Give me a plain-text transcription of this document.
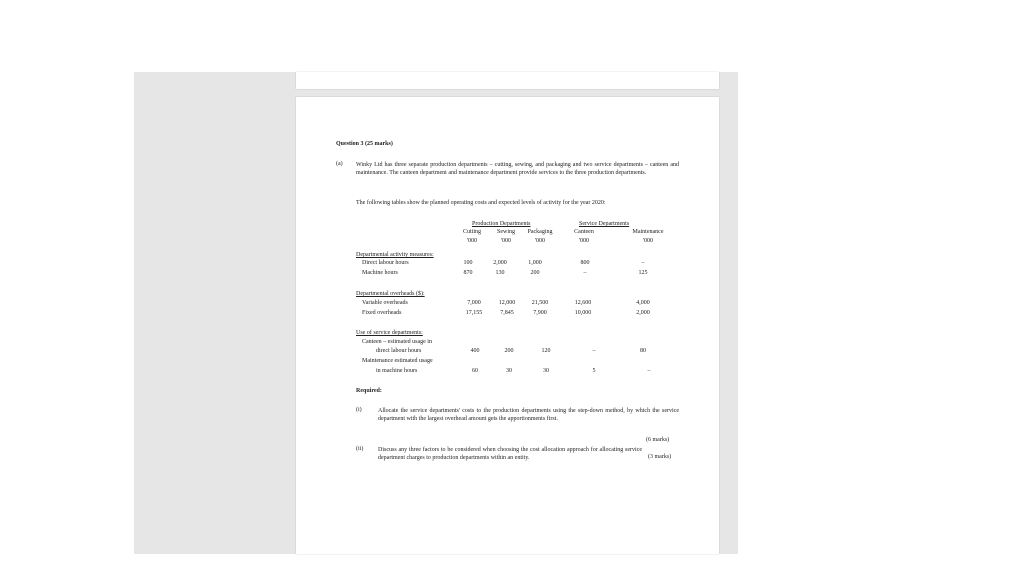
Question 3 (25 marks)
(a) Winky Ltd has three separate production departments – cutting, sewing, and packaging and two service departments – canteen and maintenance. The canteen department and maintenance department provide services to the three production departments.
The following tables show the planned operating costs and expected levels of activity for the year 2020:
Production Departments	Service Departments
Cutting	Sewing	Packaging	Canteen	Maintenance
'000	'000	'000	'000	'000
Departmental activity measures:
Direct labour hours	100	2,000	1,000	800	–
Machine hours	870	130	200	–	125
Departmental overheads ($):
Variable overheads	7,000	12,000	21,500	12,600	4,000
Fixed overheads	17,155	7,845	7,900	10,000	2,000
Use of service departments:
Canteen – estimated usage in
direct labour hours	400	200	120	–	80
Maintenance estimated usage
in machine hours	60	30	30	5	–
Required:
(i)	Allocate the service departments' costs to the production departments using the step-down method, by which the service department with the largest overhead amount gets the apportionments first.
(6 marks)
(ii) Discuss any three factors to be considered when choosing the cost allocation approach for allocating service department charges to production departments within an entity.	(3 marks)
